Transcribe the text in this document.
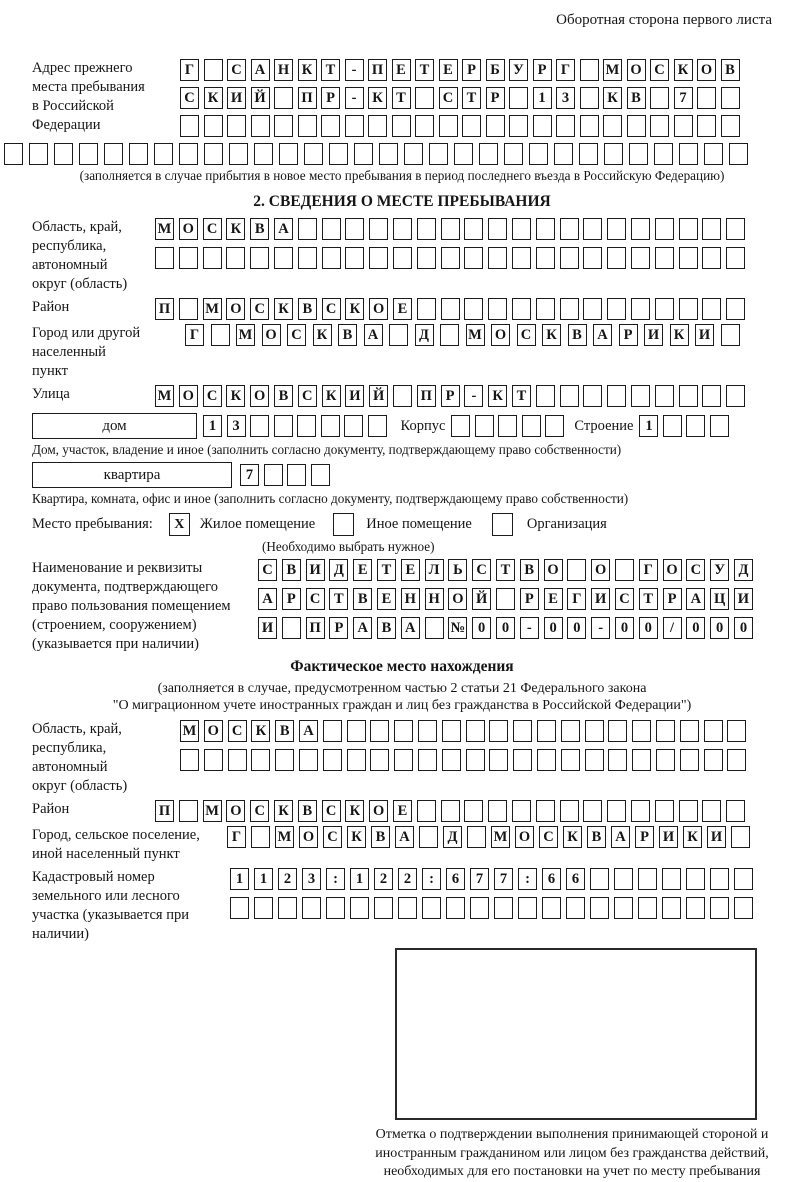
Оборотная сторона первого листа
Адрес прежнего места пребывания в Российской Федерации
Г	С А Н К Т	-	П Е Т Е Р Б У Р Г	М О С К О В
С К И Й П Р	-	К Т	С Т Р	1	3	К В	7
(заполняется в случае прибытия в новое место пребывания в период последнего въезда в Российскую Федерацию)
2. СВЕДЕНИЯ О МЕСТЕ ПРЕБЫВАНИЯ
Область, край, республика, автономный округ (область)
М О С К В А
Район	П М О С К В С К О Е
Город или другой населенный пункт
Г	М О С К	В	А	Д	М О С К	В	А	Р	И К И
Улица	М О С К О В С К И Й	П Р	-	К Т
дом	1	3	Корпус	Строение 1
Дом, участок, владение и иное (заполнить согласно документу, подтверждающему право собственности)
квартира	7
Квартира, комната, офис и иное (заполнить согласно документу, подтверждающему право собственности)
Место пребывания:	X	Жилое помещение	Иное помещение	Организация
(Необходимо выбрать нужное)
Наименование и реквизиты документа, подтверждающего право пользования помещением (строением, сооружением) (указывается при наличии)
С В И Д Е Т Е Л Ь С Т В О	О	Г О С У Д
А Р С Т В Е Н Н О Й	Р	Е Г И С Т	Р А Ц И
И	П Р А В А № 0	0	-	0	0	-	0	0	/	0	0	0
Фактическое место нахождения
(заполняется в случае, предусмотренном частью 2 статьи 21 Федерального закона
"О миграционном учете иностранных граждан и лиц без гражданства в Российской Федерации")
Область, край, республика, автономный округ (область)
М О С К В А
Район	П М О С К В С К О Е
Город, сельское поселение, иной населенный пункт
Г	М О С К В А	Д	М О С К В А Р И К И
Кадастровый номер земельного или лесного участка (указывается при наличии)
1	1	2	3	:	1	2	2	:	6	7	7	:	6	6
Отметка о подтверждении выполнения принимающей стороной и иностранным гражданином или лицом без гражданства действий, необходимых для его постановки на учет по месту пребывания
